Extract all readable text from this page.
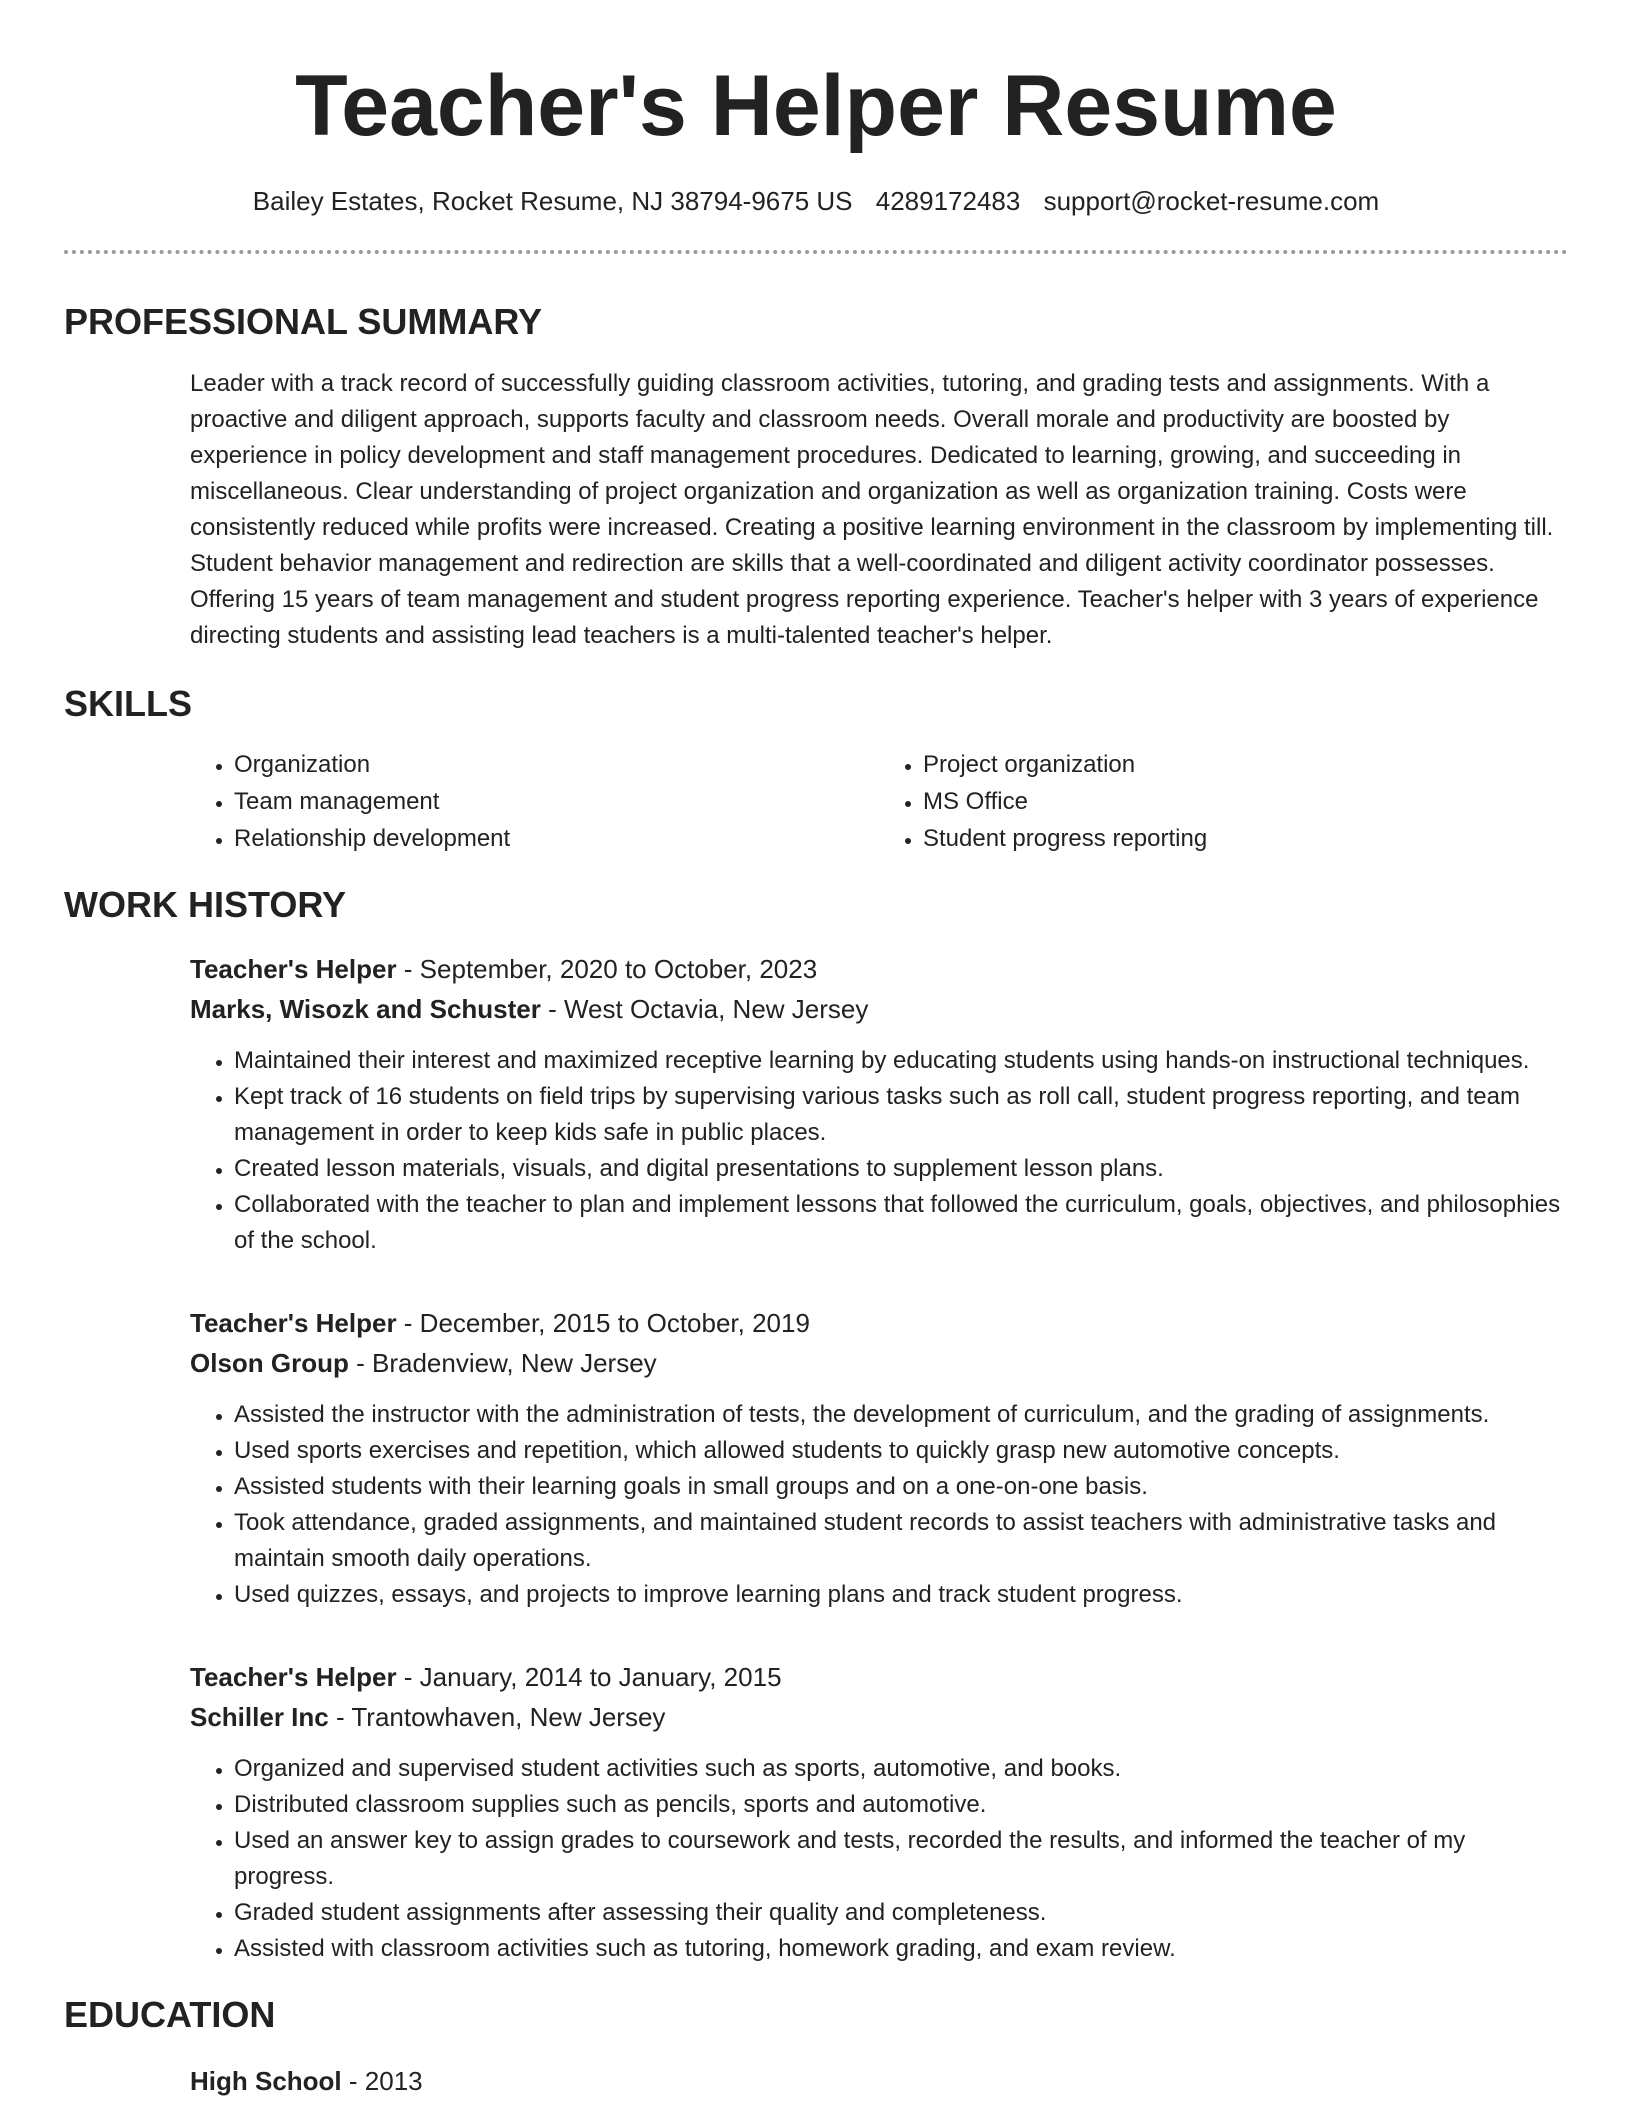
Teacher's Helper Resume
Bailey Estates, Rocket Resume, NJ 38794-9675 US 4289172483 support@rocket-resume.com
PROFESSIONAL SUMMARY

Leader with a track record of successfully guiding classroom activities, tutoring, and grading tests and assignments. With a proactive and diligent approach, supports faculty and classroom needs. Overall morale and productivity are boosted by experience in policy development and staff management procedures. Dedicated to learning, growing, and succeeding in miscellaneous. Clear understanding of project organization and organization as well as organization training. Costs were consistently reduced while profits were increased. Creating a positive learning environment in the classroom by implementing till. Student behavior management and redirection are skills that a well-coordinated and diligent activity coordinator possesses. Offering 15 years of team management and student progress reporting experience. Teacher's helper with 3 years of experience directing students and assisting lead teachers is a multi-talented teacher's helper.

SKILLS
• Organization
• Team management
• Relationship development
• Project organization
• MS Office
• Student progress reporting
WORK HISTORY
Teacher's Helper - September, 2020 to October, 2023
Marks, Wisozk and Schuster - West Octavia, New Jersey
• Maintained their interest and maximized receptive learning by educating students using hands-on instructional techniques.
• Kept track of 16 students on field trips by supervising various tasks such as roll call, student progress reporting, and team management in order to keep kids safe in public places.
• Created lesson materials, visuals, and digital presentations to supplement lesson plans.
• Collaborated with the teacher to plan and implement lessons that followed the curriculum, goals, objectives, and philosophies of the school.
Teacher's Helper - December, 2015 to October, 2019
Olson Group - Bradenview, New Jersey
• Assisted the instructor with the administration of tests, the development of curriculum, and the grading of assignments.
• Used sports exercises and repetition, which allowed students to quickly grasp new automotive concepts.
• Assisted students with their learning goals in small groups and on a one-on-one basis.
• Took attendance, graded assignments, and maintained student records to assist teachers with administrative tasks and maintain smooth daily operations.
• Used quizzes, essays, and projects to improve learning plans and track student progress.
Teacher's Helper - January, 2014 to January, 2015
Schiller Inc - Trantowhaven, New Jersey
• Organized and supervised student activities such as sports, automotive, and books.
• Distributed classroom supplies such as pencils, sports and automotive.
• Used an answer key to assign grades to coursework and tests, recorded the results, and informed the teacher of my progress.
• Graded student assignments after assessing their quality and completeness.
• Assisted with classroom activities such as tutoring, homework grading, and exam review.
EDUCATION
High School - 2013
